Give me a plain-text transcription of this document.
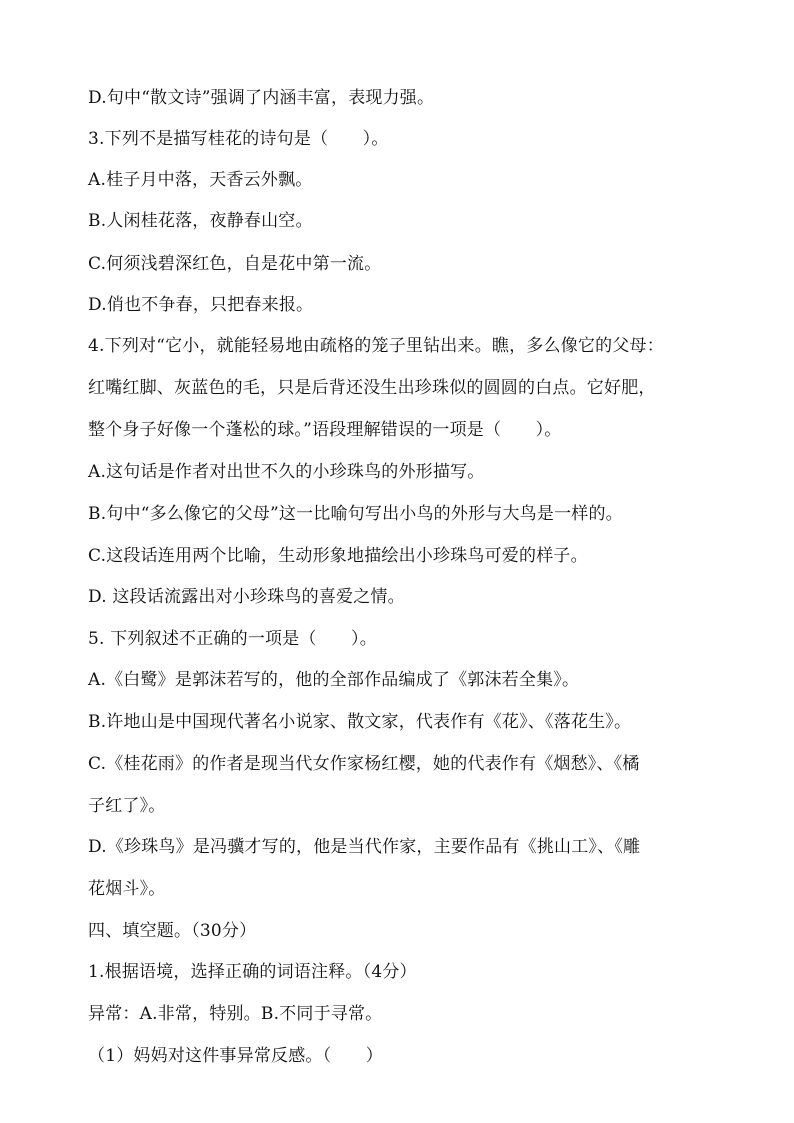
D.句中“散文诗”强调了内涵丰富，表现力强。
3.下列不是描写桂花的诗句是（　　）。
A.桂子月中落，天香云外飘。
B.人闲桂花落，夜静春山空。
C.何须浅碧深红色，自是花中第一流。
D.俏也不争春，只把春来报。
4.下列对“它小，就能轻易地由疏格的笼子里钻出来。瞧，多么像它的父母：
红嘴红脚、灰蓝色的毛，只是后背还没生出珍珠似的圆圆的白点。它好肥，
整个身子好像一个蓬松的球。”语段理解错误的一项是（　　）。
A.这句话是作者对出世不久的小珍珠鸟的外形描写。
B.句中“多么像它的父母”这一比喻句写出小鸟的外形与大鸟是一样的。
C.这段话连用两个比喻，生动形象地描绘出小珍珠鸟可爱的样子。
D. 这段话流露出对小珍珠鸟的喜爱之情。
5. 下列叙述不正确的一项是（　　）。
A.《白鹭》是郭沫若写的，他的全部作品编成了《郭沫若全集》。
B.许地山是中国现代著名小说家、散文家，代表作有《花》、《落花生》。
C.《桂花雨》的作者是现当代女作家杨红樱，她的代表作有《烟愁》、《橘
子红了》。
D.《珍珠鸟》是冯骥才写的，他是当代作家，主要作品有《挑山工》、《雕
花烟斗》。
四、填空题。（30分）
1.根据语境，选择正确的词语注释。（4分）
异常：A.非常，特别。B.不同于寻常。
（1）妈妈对这件事异常反感。（　　）
